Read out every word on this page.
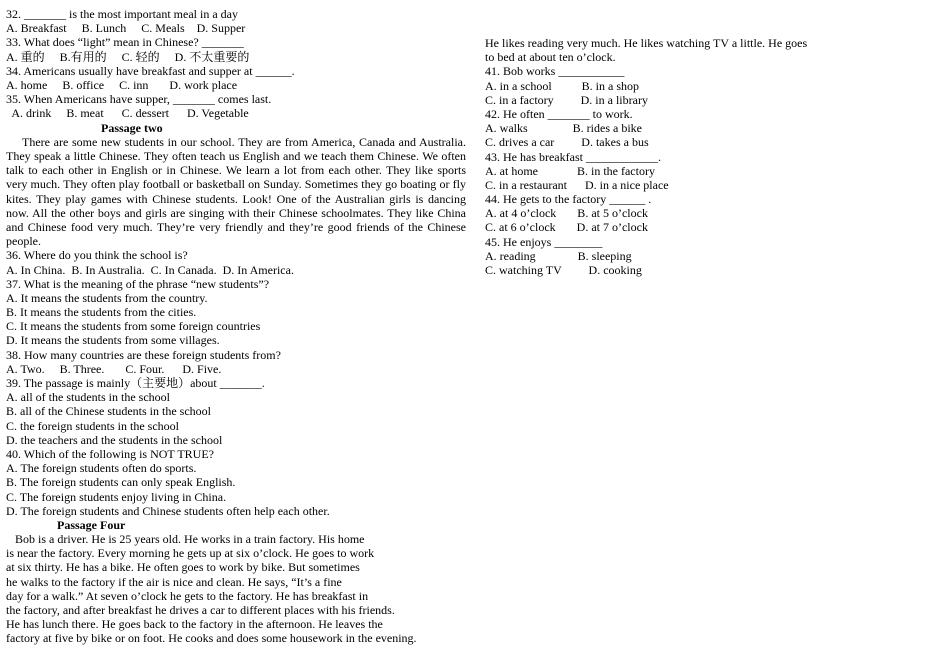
32. _______ is the most important meal in a day
A. Breakfast     B. Lunch     C. Meals    D. Supper
33. What does “light” mean in Chinese? _______
A. 重的     B.有用的     C. 轻的     D. 不太重要的
34. Americans usually have breakfast and supper at ______.
A. home     B. office     C. inn       D. work place
35. When Americans have supper, _______ comes last.
A. drink     B. meat      C. dessert      D. Vegetable
Passage two
There are some new students in our school. They are from America, Canada and Australia. They speak a little Chinese. They often teach us English and we teach them Chinese. We often talk to each other in English or in Chinese. We learn a lot from each other. They like sports very much. They often play football or basketball on Sunday. Sometimes they go boating or fly kites. They play games with Chinese students. Look! One of the Australian girls is dancing now. All the other boys and girls are singing with their Chinese schoolmates. They like China and Chinese food very much. They’re very friendly and they’re good friends of the Chinese people.
36. Where do you think the school is?
A. In China.  B. In Australia.  C. In Canada.  D. In America.
37. What is the meaning of the phrase “new students”?
A. It means the students from the country.
B. It means the students from the cities.
C. It means the students from some foreign countries
D. It means the students from some villages.
38. How many countries are these foreign students from?
A. Two.     B. Three.       C. Four.      D. Five.
39. The passage is mainly（主要地）about _______.
A. all of the students in the school
B. all of the Chinese students in the school
C. the foreign students in the school
D. the teachers and the students in the school
40. Which of the following is NOT TRUE?
A. The foreign students often do sports.
B. The foreign students can only speak English.
C. The foreign students enjoy living in China.
D. The foreign students and Chinese students often help each other.
Passage Four
Bob is a driver. He is 25 years old. He works in a train factory. His home
is near the factory. Every morning he gets up at six o’clock. He goes to work
at six thirty. He has a bike. He often goes to work by bike. But sometimes
he walks to the factory if the air is nice and clean. He says, “It’s a fine
day for a walk.” At seven o’clock he gets to the factory. He has breakfast in
the factory, and after breakfast he drives a car to different places with his friends.
He has lunch there. He goes back to the factory in the afternoon. He leaves the
factory at five by bike or on foot. He cooks and does some housework in the evening.
He likes reading very much. He likes watching TV a little. He goes
to bed at about ten o’clock.
41. Bob works ___________
A. in a school          B. in a shop
C. in a factory         D. in a library
42. He often _______ to work.
A. walks               B. rides a bike
C. drives a car         D. takes a bus
43. He has breakfast ____________.
A. at home             B. in the factory
C. in a restaurant      D. in a nice place
44. He gets to the factory ______ .
A. at 4 o’clock       B. at 5 o’clock
C. at 6 o’clock       D. at 7 o’clock
45. He enjoys ________
A. reading              B. sleeping
C. watching TV         D. cooking
